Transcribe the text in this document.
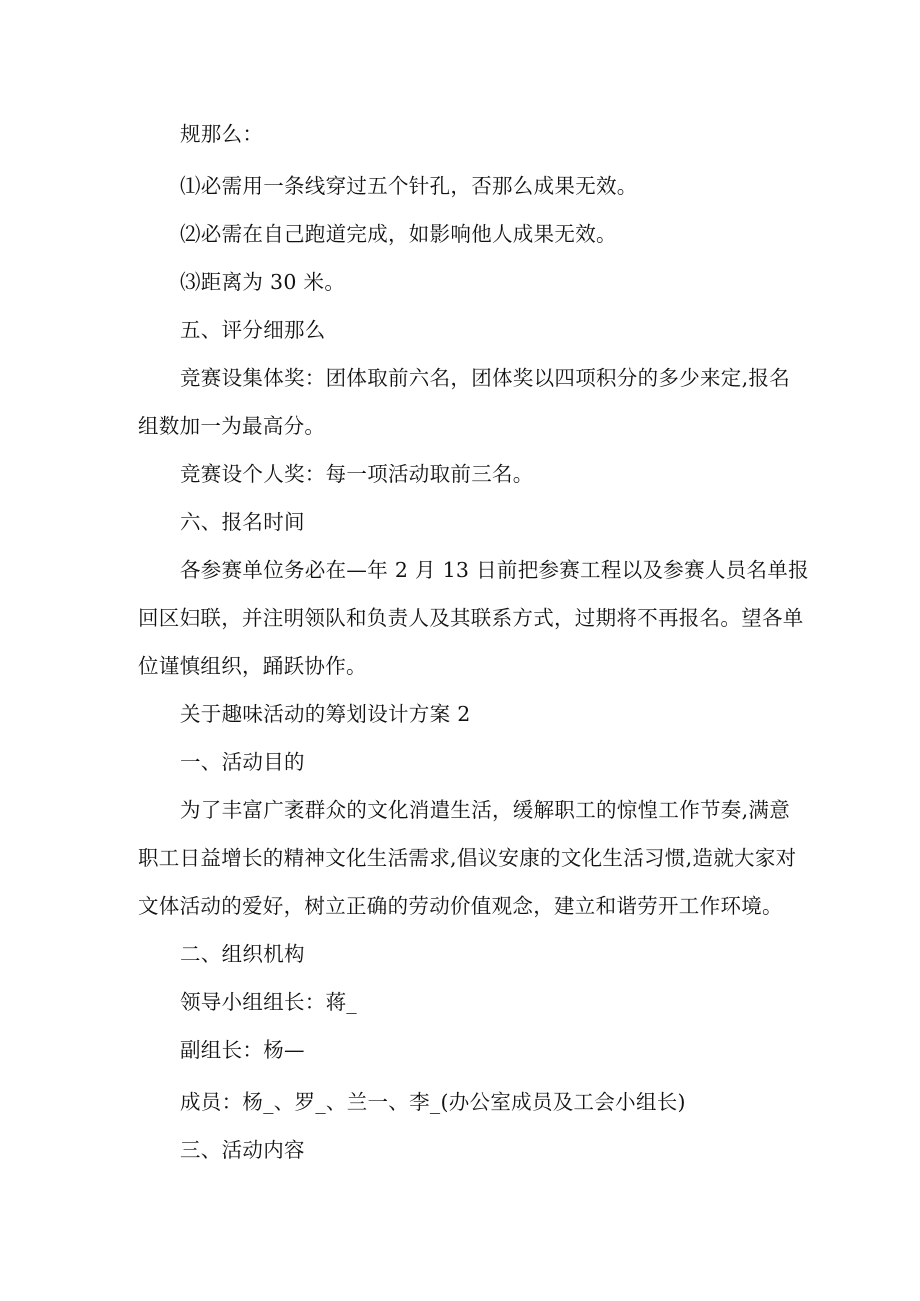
规那么：
⑴必需用一条线穿过五个针孔，否那么成果无效。
⑵必需在自己跑道完成，如影响他人成果无效。
⑶距离为 30 米。
五、评分细那么
竞赛设集体奖：团体取前六名，团体奖以四项积分的多少来定,报名
组数加一为最高分。
竞赛设个人奖：每一项活动取前三名。
六、报名时间
各参赛单位务必在—年 2 月 13 日前把参赛工程以及参赛人员名单报
回区妇联，并注明领队和负责人及其联系方式，过期将不再报名。望各单
位谨慎组织，踊跃协作。
关于趣味活动的筹划设计方案 2
一、活动目的
为了丰富广袤群众的文化消遣生活，缓解职工的惊惶工作节奏,满意
职工日益增长的精神文化生活需求,倡议安康的文化生活习惯,造就大家对
文体活动的爱好，树立正确的劳动价值观念，建立和谐劳开工作环境。
二、组织机构
领导小组组长：蒋_
副组长：杨—
成员：杨_、罗_、兰一、李_(办公室成员及工会小组长)
三、活动内容
